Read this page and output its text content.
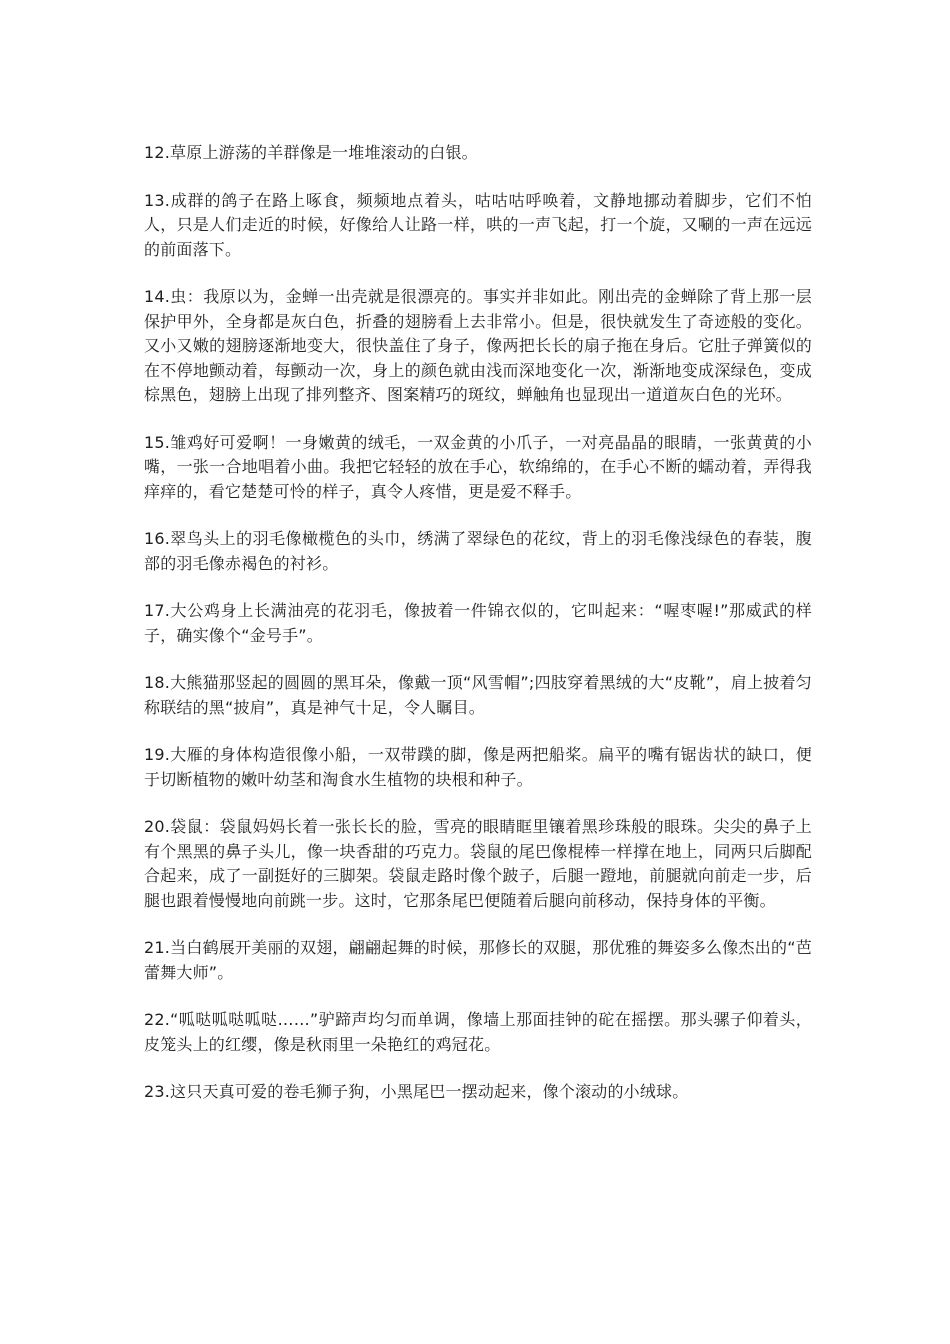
12.草原上游荡的羊群像是一堆堆滚动的白银。

13.成群的鸽子在路上啄食，频频地点着头，咕咕咕呼唤着，文静地挪动着脚步，它们不怕人，只是人们走近的时候，好像给人让路一样，哄的一声飞起，打一个旋，又唰的一声在远远的前面落下。

14.虫：我原以为，金蝉一出壳就是很漂亮的。事实并非如此。刚出壳的金蝉除了背上那一层保护甲外，全身都是灰白色，折叠的翅膀看上去非常小。但是，很快就发生了奇迹般的变化。又小又嫩的翅膀逐渐地变大，很快盖住了身子，像两把长长的扇子拖在身后。它肚子弹簧似的在不停地颤动着，每颤动一次，身上的颜色就由浅而深地变化一次，渐渐地变成深绿色，变成棕黑色，翅膀上出现了排列整齐、图案精巧的斑纹，蝉触角也显现出一道道灰白色的光环。

15.雏鸡好可爱啊！一身嫩黄的绒毛，一双金黄的小爪子，一对亮晶晶的眼睛，一张黄黄的小嘴，一张一合地唱着小曲。我把它轻轻的放在手心，软绵绵的，在手心不断的蠕动着，弄得我痒痒的，看它楚楚可怜的样子，真令人疼惜，更是爱不释手。

16.翠鸟头上的羽毛像橄榄色的头巾，绣满了翠绿色的花纹，背上的羽毛像浅绿色的春装，腹部的羽毛像赤褐色的衬衫。

17.大公鸡身上长满油亮的花羽毛，像披着一件锦衣似的，它叫起来：“喔枣喔!”那威武的样子，确实像个“金号手”。

18.大熊猫那竖起的圆圆的黑耳朵，像戴一顶“风雪帽”;四肢穿着黑绒的大“皮靴”，肩上披着匀称联结的黑“披肩”，真是神气十足，令人瞩目。

19.大雁的身体构造很像小船，一双带蹼的脚，像是两把船桨。扁平的嘴有锯齿状的缺口，便于切断植物的嫩叶幼茎和淘食水生植物的块根和种子。

20.袋鼠：袋鼠妈妈长着一张长长的脸，雪亮的眼睛眶里镶着黑珍珠般的眼珠。尖尖的鼻子上有个黑黑的鼻子头儿，像一块香甜的巧克力。袋鼠的尾巴像棍棒一样撑在地上，同两只后脚配合起来，成了一副挺好的三脚架。袋鼠走路时像个跛子，后腿一蹬地，前腿就向前走一步，后腿也跟着慢慢地向前跳一步。这时，它那条尾巴便随着后腿向前移动，保持身体的平衡。

21.当白鹤展开美丽的双翅，翩翩起舞的时候，那修长的双腿，那优雅的舞姿多么像杰出的“芭蕾舞大师”。

22.“呱哒呱哒呱哒……”驴蹄声均匀而单调，像墙上那面挂钟的砣在摇摆。那头骡子仰着头，皮笼头上的红缨，像是秋雨里一朵艳红的鸡冠花。

23.这只天真可爱的卷毛狮子狗，小黑尾巴一摆动起来，像个滚动的小绒球。
